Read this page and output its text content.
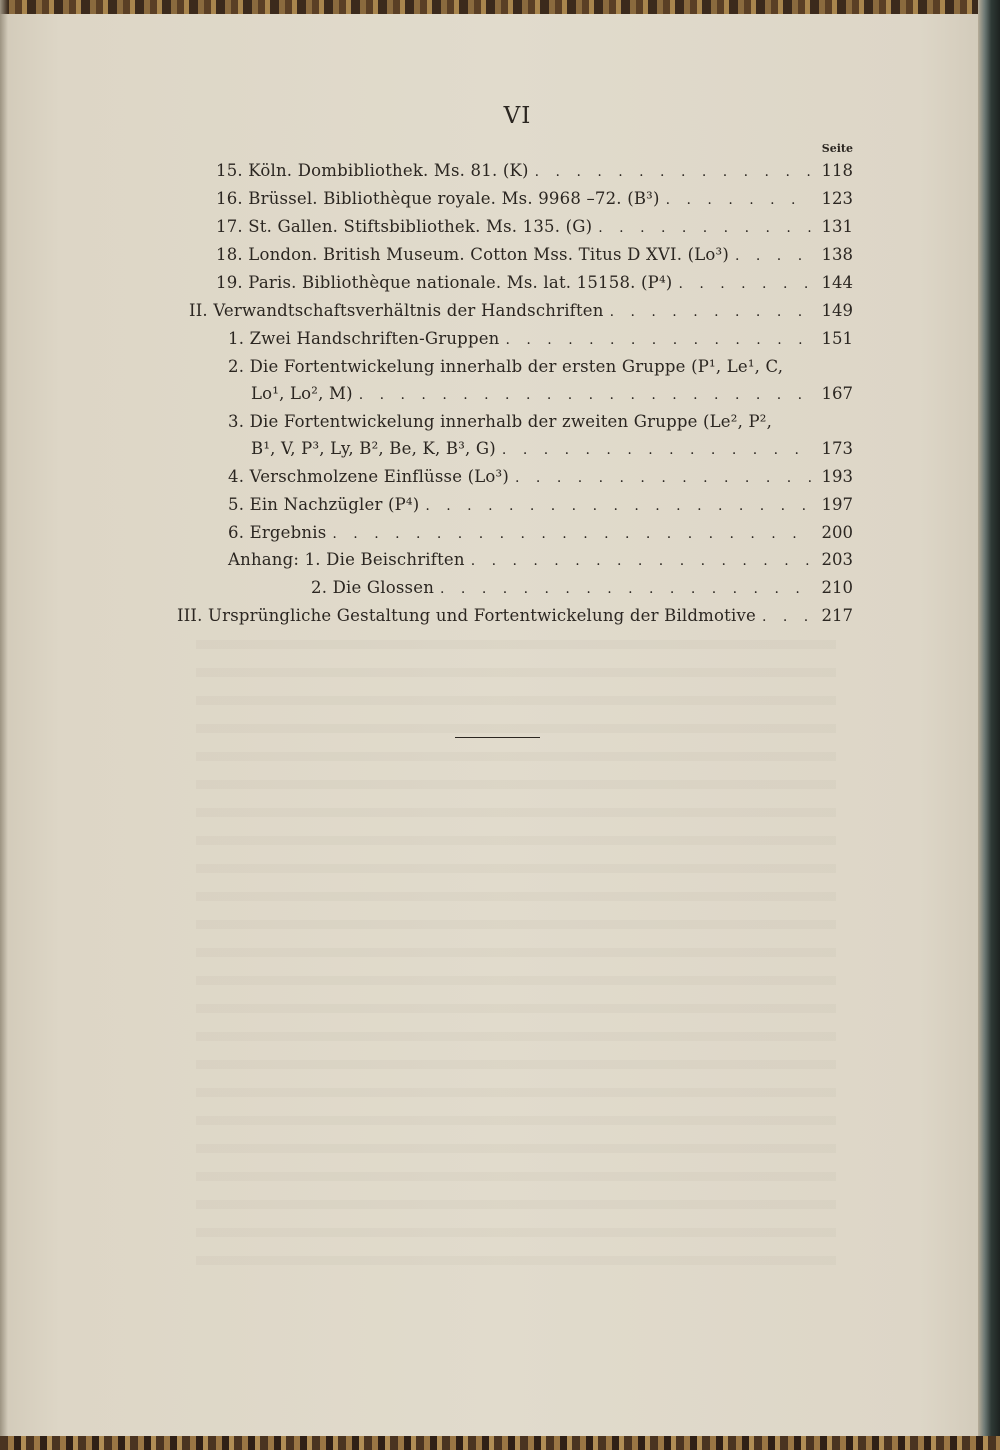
VI
Seite
15. Köln. Dombibliothek. Ms. 81. (K) . . .	118
16. Brüssel. Bibliothèque royale. Ms. 9968 –72. (B³) . . .	123
17. St. Gallen. Stiftsbibliothek. Ms. 135. (G) . . .	131
18. London. British Museum. Cotton Mss. Titus D XVI. (Lo³) . . .	138
19. Paris. Bibliothèque nationale. Ms. lat. 15158. (P⁴) . . .	144
II. Verwandtschaftsverhältnis der Handschriften . . .	149
1. Zwei Handschriften-Gruppen . . .	151
2. Die Fortentwickelung innerhalb der ersten Gruppe (P¹, Le¹, C,
Lo¹, Lo², M) . . .	167
3. Die Fortentwickelung innerhalb der zweiten Gruppe (Le², P²,
B¹, V, P³, Ly, B², Be, K, B³, G) . . .	173
4. Verschmolzene Einflüsse (Lo³) . . .	193
5. Ein Nachzügler (P⁴) . . .	197
6. Ergebnis . . .	200
Anhang: 1. Die Beischriften . . .	203
2. Die Glossen . . .	210
III. Ursprüngliche Gestaltung und Fortentwickelung der Bildmotive . . .	217
